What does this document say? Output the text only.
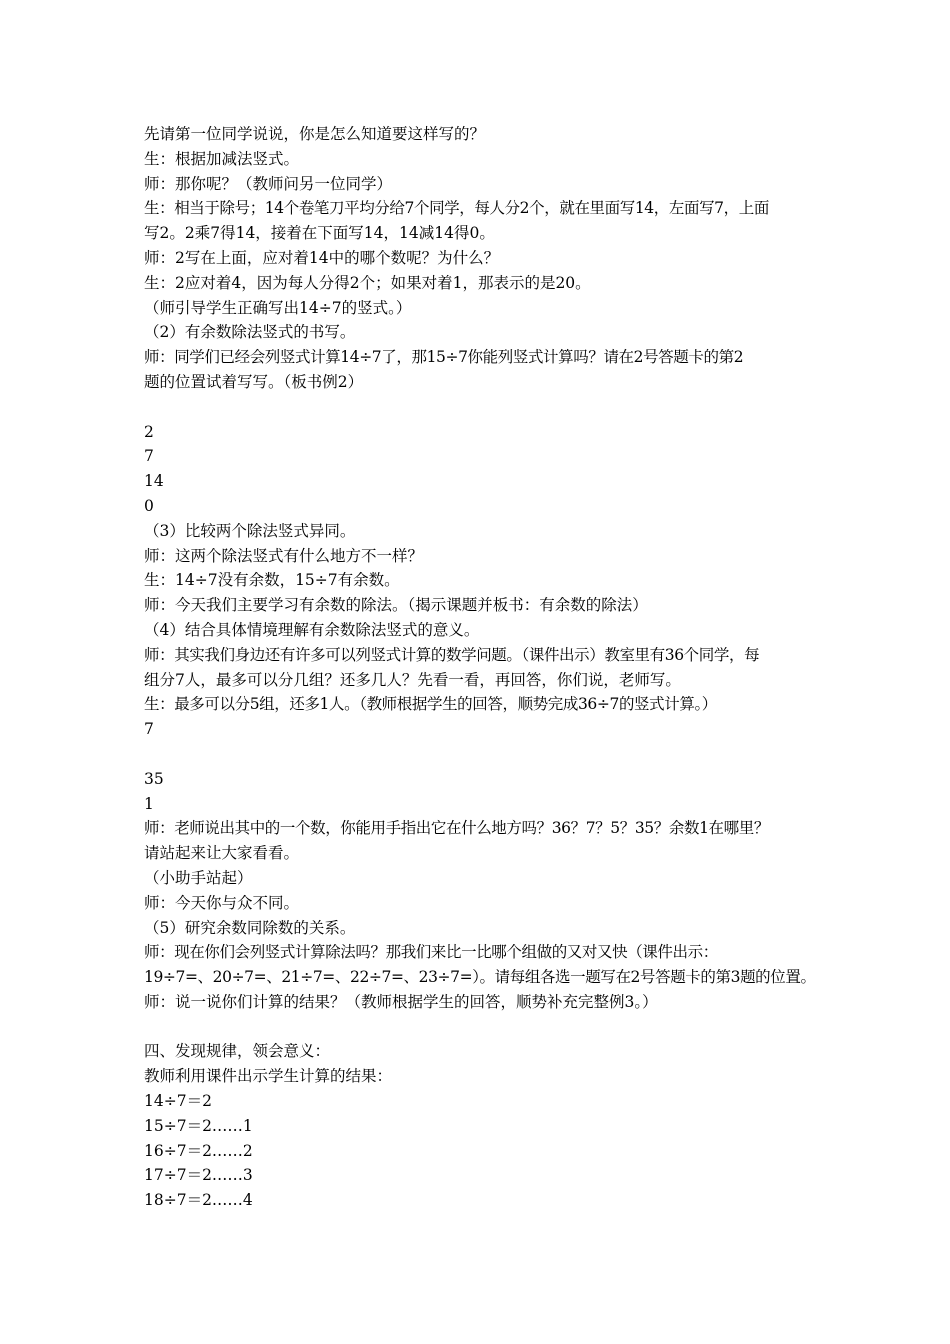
先请第一位同学说说，你是怎么知道要这样写的？
生：根据加减法竖式。
师：那你呢？（教师问另一位同学）
生：相当于除号；14个卷笔刀平均分给7个同学，每人分2个，就在里面写14，左面写7，上面
写2。2乘7得14，接着在下面写14，14减14得0。
师：2写在上面，应对着14中的哪个数呢？为什么？
生：2应对着4，因为每人分得2个；如果对着1，那表示的是20。
（师引导学生正确写出14÷7的竖式。）
（2）有余数除法竖式的书写。
师：同学们已经会列竖式计算14÷7了，那15÷7你能列竖式计算吗？请在2号答题卡的第2
题的位置试着写写。（板书例2）
2
7
14
0
（3）比较两个除法竖式异同。
师：这两个除法竖式有什么地方不一样？
生：14÷7没有余数，15÷7有余数。
师：今天我们主要学习有余数的除法。（揭示课题并板书：有余数的除法）
（4）结合具体情境理解有余数除法竖式的意义。
师：其实我们身边还有许多可以列竖式计算的数学问题。（课件出示）教室里有36个同学，每
组分7人，最多可以分几组？还多几人？先看一看，再回答，你们说，老师写。
生：最多可以分5组，还多1人。（教师根据学生的回答，顺势完成36÷7的竖式计算。）
7
35
1
师：老师说出其中的一个数，你能用手指出它在什么地方吗？36？7？5？35？余数1在哪里？
请站起来让大家看看。
（小助手站起）
师：今天你与众不同。
（5）研究余数同除数的关系。
师：现在你们会列竖式计算除法吗？那我们来比一比哪个组做的又对又快（课件出示：
19÷7=、20÷7=、21÷7=、22÷7=、23÷7=）。请每组各选一题写在2号答题卡的第3题的位置。
师：说一说你们计算的结果？（教师根据学生的回答，顺势补充完整例3。）
四、发现规律，领会意义：
教师利用课件出示学生计算的结果：
14÷7＝2
15÷7＝2……1
16÷7＝2……2
17÷7＝2……3
18÷7＝2……4
